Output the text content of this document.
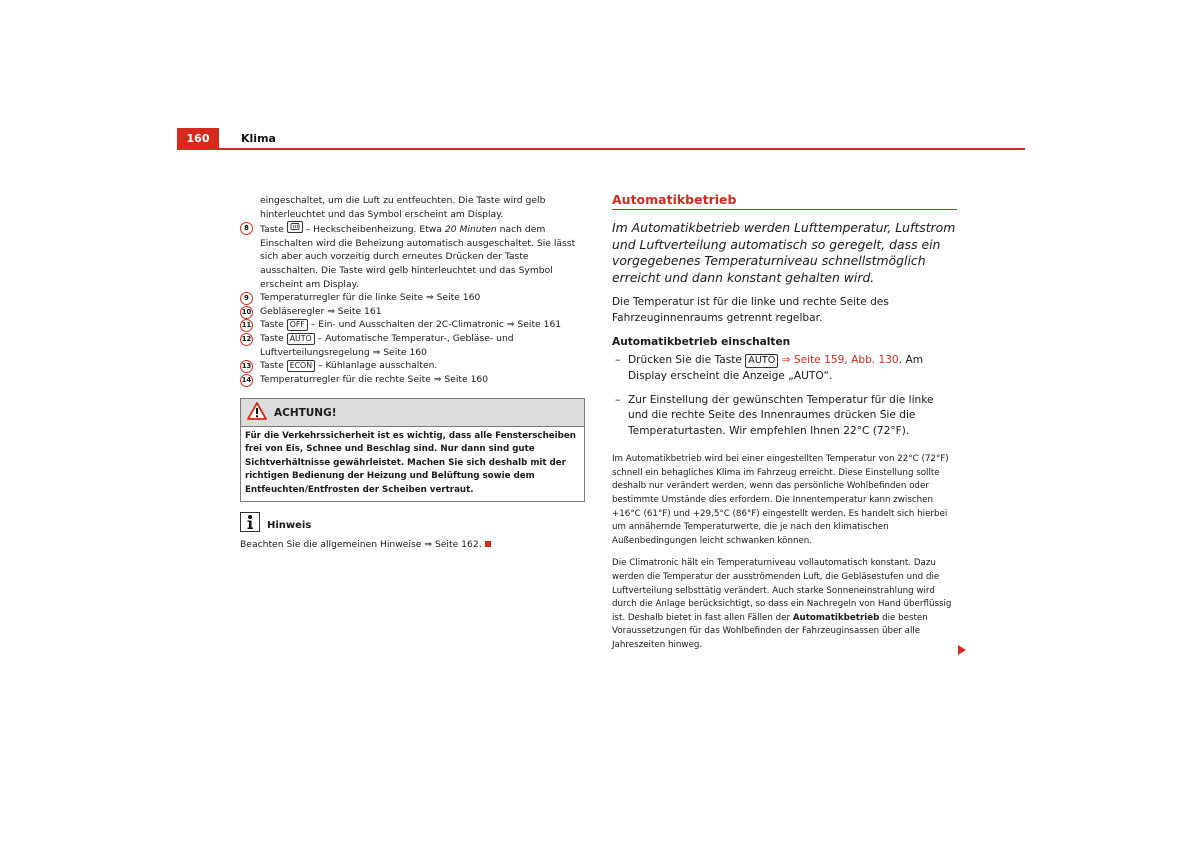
160	Klima

eingeschaltet, um die Luft zu entfeuchten. Die Taste wird gelb hinterleuchtet und das Symbol erscheint am Display.

8	Taste
– Heckscheibenheizung. Etwa 20 Minuten nach dem Einschalten wird die Beheizung automatisch ausgeschaltet. Sie lässt sich aber auch vorzeitig durch erneutes Drücken der Taste ausschalten. Die Taste wird gelb hinterleuchtet und das Symbol erscheint am Display.

9	Temperaturregler für die linke Seite ⇒ Seite 160

10 Gebläseregler ⇒ Seite 161

11 Taste OFF – Ein- und Ausschalten der 2C-Climatronic ⇒ Seite 161

12 Taste AUTO – Automatische Temperatur-, Gebläse- und Luftverteilungsregelung ⇒ Seite 160

13 Taste ECON – Kühlanlage ausschalten.

14 Temperaturregler für die rechte Seite ⇒ Seite 160

ACHTUNG!
Für die Verkehrssicherheit ist es wichtig, dass alle Fensterscheiben frei von Eis, Schnee und Beschlag sind. Nur dann sind gute Sichtverhältnisse gewährleistet. Machen Sie sich deshalb mit der richtigen Bedienung der Heizung und Belüftung sowie dem Entfeuchten/Entfrosten der Scheiben vertraut.
Hinweis
Beachten Sie die allgemeinen Hinweise ⇒ Seite 162.
Automatikbetrieb

Im Automatikbetrieb werden Lufttemperatur, Luftstrom und Luftverteilung automatisch so geregelt, dass ein vorgegebenes Temperaturniveau schnellstmöglich erreicht und dann konstant gehalten wird.

Die Temperatur ist für die linke und rechte Seite des Fahrzeuginnenraums getrennt regelbar.

Automatikbetrieb einschalten

– Drücken Sie die Taste AUTO ⇒ Seite 159, Abb. 130. Am Display erscheint die Anzeige „AUTO“.

– Zur Einstellung der gewünschten Temperatur für die linke und die rechte Seite des Innenraumes drücken Sie die Temperaturtasten. Wir empfehlen Ihnen 22°C (72°F).

Im Automatikbetrieb wird bei einer eingestellten Temperatur von 22°C (72°F) schnell ein behagliches Klima im Fahrzeug erreicht. Diese Einstellung sollte deshalb nur verändert werden, wenn das persönliche Wohlbefinden oder bestimmte Umstände dies erfordern. Die Innentemperatur kann zwischen +16°C (61°F) und +29,5°C (86°F) eingestellt werden. Es handelt sich hierbei um annähernde Temperaturwerte, die je nach den klimatischen Außenbedingungen leicht schwanken können.

Die Climatronic hält ein Temperaturniveau vollautomatisch konstant. Dazu werden die Temperatur der ausströmenden Luft, die Gebläsestufen und die Luftverteilung selbsttätig verändert. Auch starke Sonneneinstrahlung wird durch die Anlage berücksichtigt, so dass ein Nachregeln von Hand überflüssig ist. Deshalb bietet in fast allen Fällen der Automatikbetrieb die besten Voraussetzungen für das Wohlbefinden der Fahrzeuginsassen über alle Jahreszeiten hinweg.
